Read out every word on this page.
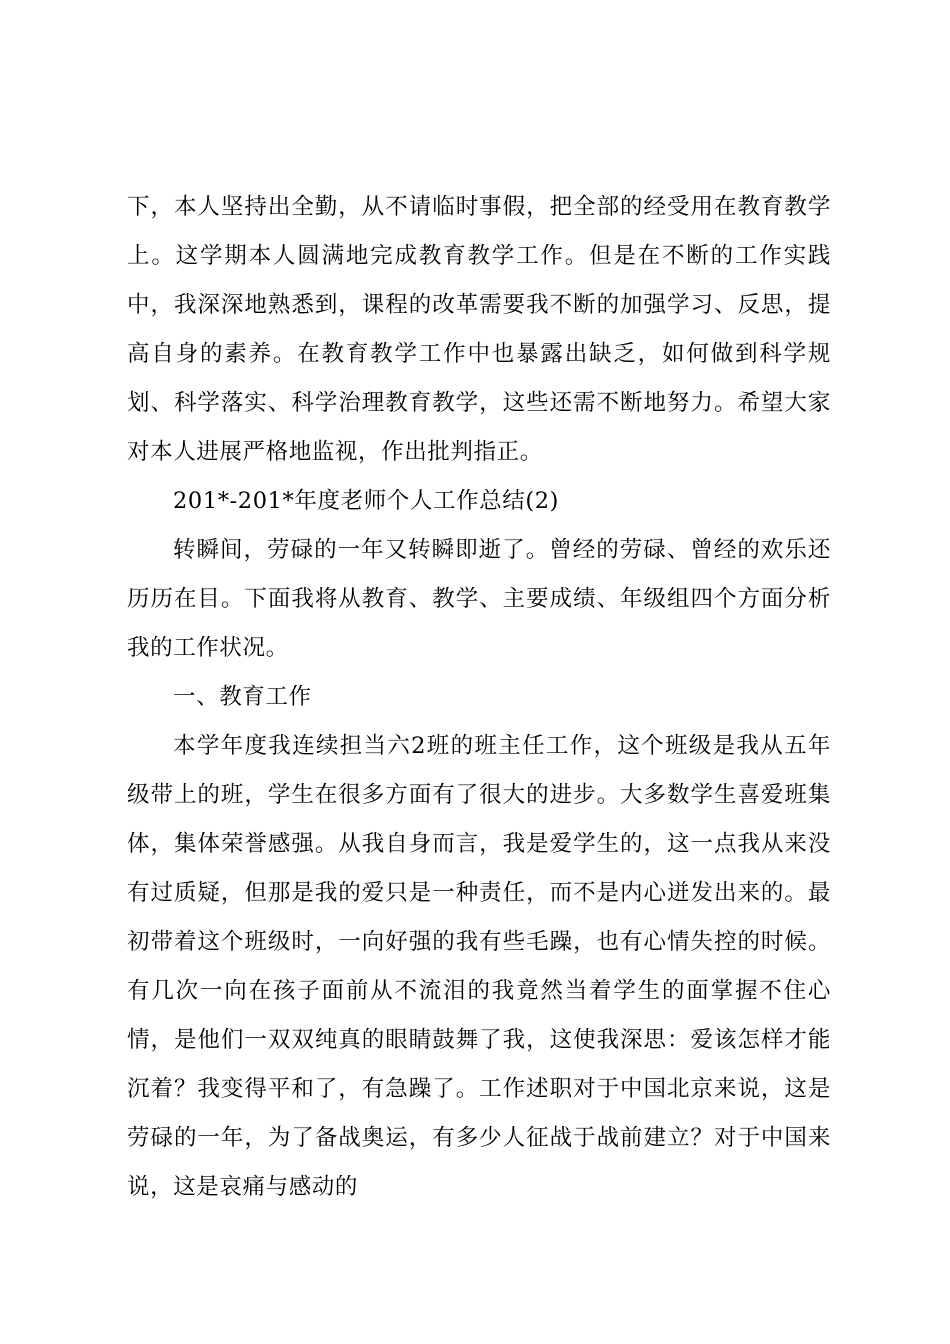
下，本人坚持出全勤，从不请临时事假，把全部的经受用在教育教学上。这学期本人圆满地完成教育教学工作。但是在不断的工作实践中，我深深地熟悉到，课程的改革需要我不断的加强学习、反思，提高自身的素养。在教育教学工作中也暴露出缺乏，如何做到科学规划、科学落实、科学治理教育教学，这些还需不断地努力。希望大家对本人进展严格地监视，作出批判指正。

201*-201*年度老师个人工作总结(2)

转瞬间，劳碌的一年又转瞬即逝了。曾经的劳碌、曾经的欢乐还历历在目。下面我将从教育、教学、主要成绩、年级组四个方面分析我的工作状况。

一、教育工作

本学年度我连续担当六2班的班主任工作，这个班级是我从五年级带上的班，学生在很多方面有了很大的进步。大多数学生喜爱班集体，集体荣誉感强。从我自身而言，我是爱学生的，这一点我从来没有过质疑，但那是我的爱只是一种责任，而不是内心迸发出来的。最初带着这个班级时，一向好强的我有些毛躁，也有心情失控的时候。有几次一向在孩子面前从不流泪的我竟然当着学生的面掌握不住心情，是他们一双双纯真的眼睛鼓舞了我，这使我深思：爱该怎样才能沉着？我变得平和了，有急躁了。工作述职对于中国北京来说，这是劳碌的一年，为了备战奥运，有多少人征战于战前建立？对于中国来说，这是哀痛与感动的
